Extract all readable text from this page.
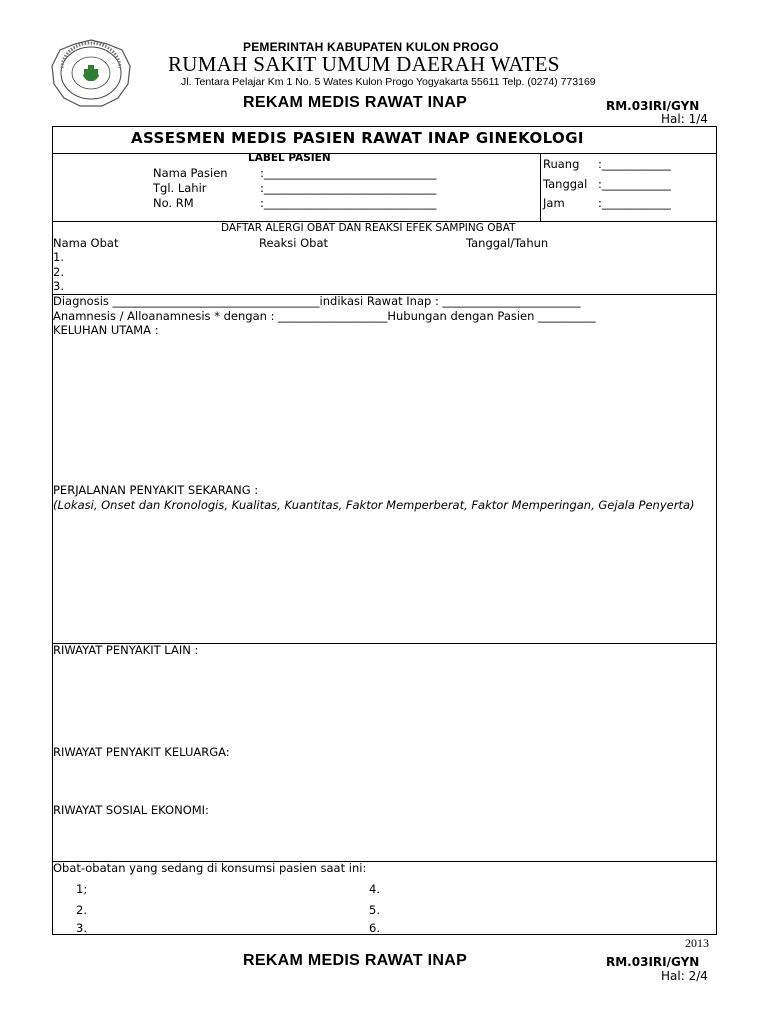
PEMERINTAH KABUPATEN KULON PROGO
RUMAH SAKIT UMUM DAERAH WATES
Jl. Tentara Pelajar Km 1 No. 5 Wates Kulon Progo Yogyakarta 55611 Telp. (0274) 773169
REKAM MEDIS RAWAT INAP	RM.03IRI/GYN
Hal: 1/4
ASSESMEN MEDIS PASIEN RAWAT INAP GINEKOLOGI
LABEL PASIEN
Nama Pasien	:______________________________
Tgl. Lahir	:______________________________
No. RM	:______________________________
Ruang :____________
Tanggal :____________
Jam	:____________
DAFTAR ALERGI OBAT DAN REAKSI EFEK SAMPING OBAT
Nama Obat	Reaksi Obat	Tanggal/Tahun
1.
2.
3.
Diagnosis ____________________________________indikasi Rawat Inap : ________________________
Anamnesis / Alloanamnesis * dengan : ___________________Hubungan dengan Pasien __________
KELUHAN UTAMA :
PERJALANAN PENYAKIT SEKARANG :
(Lokasi, Onset dan Kronologis, Kualitas, Kuantitas, Faktor Memperberat, Faktor Memperingan, Gejala Penyerta)
RIWAYAT PENYAKIT LAIN :
RIWAYAT PENYAKIT KELUARGA:
RIWAYAT SOSIAL EKONOMI:
Obat-obatan yang sedang di konsumsi pasien saat ini:
1;
2.
3.
4.
5.
6.
2013
REKAM MEDIS RAWAT INAP	RM.03IRI/GYN
Hal: 2/4
